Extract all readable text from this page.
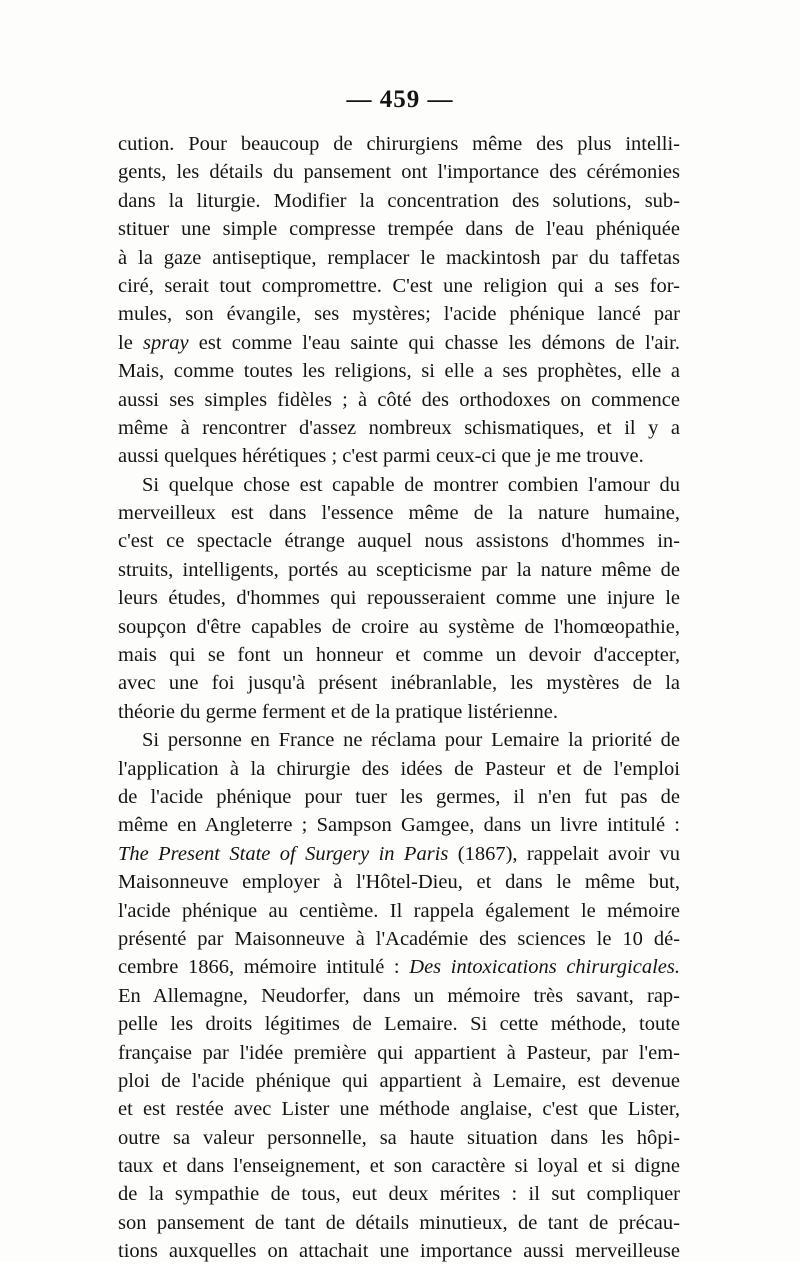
— 459 —
cution. Pour beaucoup de chirurgiens même des plus intelli-
gents, les détails du pansement ont l'importance des cérémonies
dans la liturgie. Modifier la concentration des solutions, sub-
stituer une simple compresse trempée dans de l'eau phéniquée
à la gaze antiseptique, remplacer le mackintosh par du taffetas
ciré, serait tout compromettre. C'est une religion qui a ses for-
mules, son évangile, ses mystères; l'acide phénique lancé par
le spray est comme l'eau sainte qui chasse les démons de l'air.
Mais, comme toutes les religions, si elle a ses prophètes, elle a
aussi ses simples fidèles ; à côté des orthodoxes on commence
même à rencontrer d'assez nombreux schismatiques, et il y a
aussi quelques hérétiques ; c'est parmi ceux-ci que je me trouve.
Si quelque chose est capable de montrer combien l'amour du
merveilleux est dans l'essence même de la nature humaine,
c'est ce spectacle étrange auquel nous assistons d'hommes in-
struits, intelligents, portés au scepticisme par la nature même de
leurs études, d'hommes qui repousseraient comme une injure le
soupçon d'être capables de croire au système de l'homœopathie,
mais qui se font un honneur et comme un devoir d'accepter,
avec une foi jusqu'à présent inébranlable, les mystères de la
théorie du germe ferment et de la pratique listérienne.
Si personne en France ne réclama pour Lemaire la priorité de
l'application à la chirurgie des idées de Pasteur et de l'emploi
de l'acide phénique pour tuer les germes, il n'en fut pas de
même en Angleterre ; Sampson Gamgee, dans un livre intitulé :
The Present State of Surgery in Paris (1867), rappelait avoir vu
Maisonneuve employer à l'Hôtel-Dieu, et dans le même but,
l'acide phénique au centième. Il rappela également le mémoire
présenté par Maisonneuve à l'Académie des sciences le 10 dé-
cembre 1866, mémoire intitulé : Des intoxications chirurgicales.
En Allemagne, Neudorfer, dans un mémoire très savant, rap-
pelle les droits légitimes de Lemaire. Si cette méthode, toute
française par l'idée première qui appartient à Pasteur, par l'em-
ploi de l'acide phénique qui appartient à Lemaire, est devenue
et est restée avec Lister une méthode anglaise, c'est que Lister,
outre sa valeur personnelle, sa haute situation dans les hôpi-
taux et dans l'enseignement, et son caractère si loyal et si digne
de la sympathie de tous, eut deux mérites : il sut compliquer
son pansement de tant de détails minutieux, de tant de précau-
tions auxquelles on attachait une importance aussi merveilleuse
